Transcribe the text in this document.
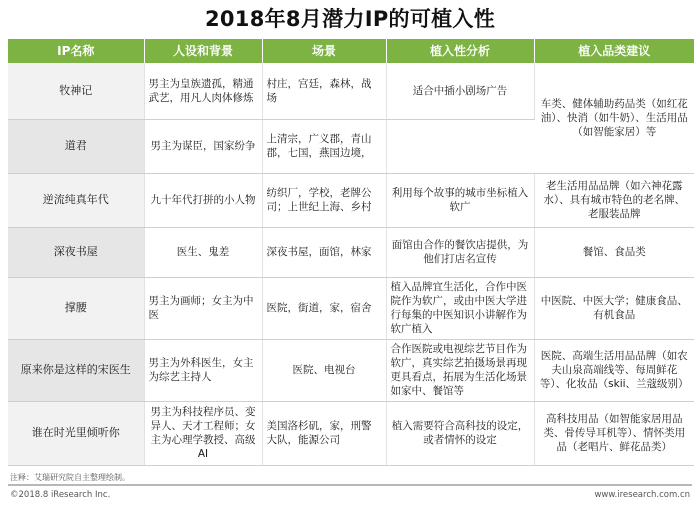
2018年8月潜力IP的可植入性
IP名称	人设和背景	场景	植入性分析	植入品类建议
牧神记	男主为皇族遗孤，精通武艺，用凡人肉体修炼	村庄，宫廷，森林，战场	适合中插小剧场广告	车类、健体辅助药品类（如红花油）、快消（如牛奶）、生活用品（如智能家居）等
道君	男主为谋臣，国家纷争	上清宗，广义郡，青山郡，七国，燕国边境，		
逆流纯真年代	九十年代打拼的小人物	纺织厂，学校，老牌公司；上世纪上海、乡村	利用每个故事的城市坐标植入软广	老生活用品品牌（如六神花露水）、具有城市特色的老名牌、老服装品牌
深夜书屋	医生、鬼差	深夜书屋，面馆，林家	面馆由合作的餐饮店提供，为他们打店名宣传	餐馆、食品类
撑腰	男主为画师；女主为中医	医院，街道，家，宿舍	植入品牌宜生活化，合作中医院作为软广，或由中医大学进行每集的中医知识小讲解作为软广植入	中医院、中医大学；健康食品、有机食品
原来你是这样的宋医生	男主为外科医生，女主为综艺主持人	医院、电视台	合作医院或电视综艺节目作为软广，真实综艺拍摄场景再现更具看点，拓展为生活化场景如家中、餐馆等	医院、高端生活用品品牌（如农夫山泉高端线等、每周鲜花等）、化妆品（skii、兰蔻级别）
谁在时光里倾听你	男主为科技程序员、变异人、天才工程师；女主为心理学教授、高级AI	美国洛杉矶，家，刑警大队，能源公司	植入需要符合高科技的设定，或者情怀的设定	高科技用品（如智能家居用品类、骨传导耳机等）、情怀类用品（老唱片、鲜花品类）
注释：艾瑞研究院自主整理绘制。
©2018.8 iResearch Inc.	www.iresearch.com.cn
